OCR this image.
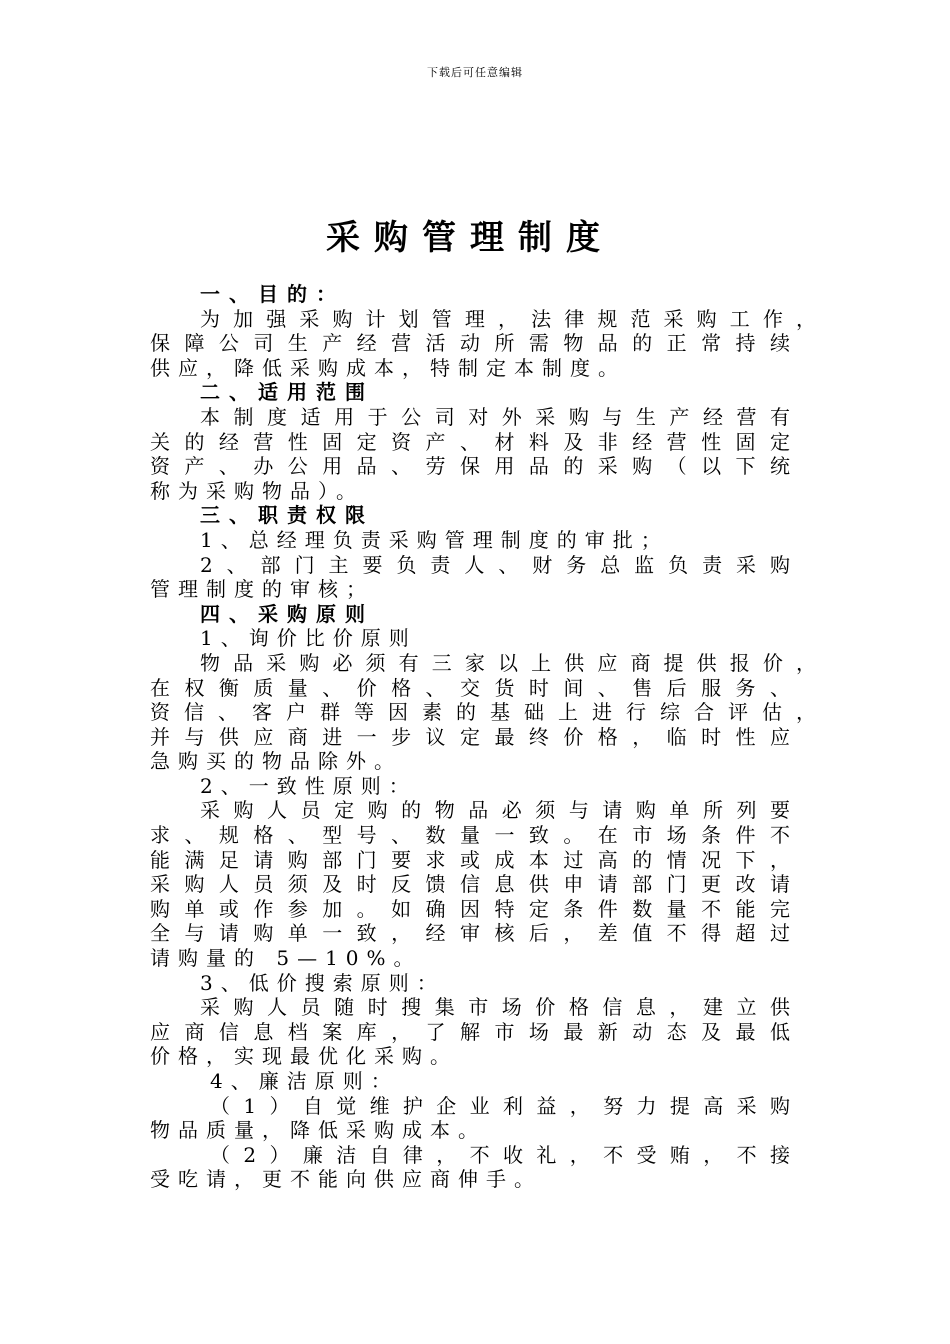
下载后可任意编辑
采购管理制度
一、目的：
为加强采购计划管理，法律规范采购工作，
保障公司生产经营活动所需物品的正常持续
供应，降低采购成本，特制定本制度。
二、适用范围
本制度适用于公司对外采购与生产经营有
关的经营性固定资产、材料及非经营性固定
资产、办公用品、劳保用品的采购（以下统
称为采购物品）。
三、职责权限
1、总经理负责采购管理制度的审批；
2、部门主要负责人、财务总监负责采购
管理制度的审核；
四、采购原则
1、询价比价原则
物品采购必须有三家以上供应商提供报价，
在权衡质量、价格、交货时间、售后服务、
资信、客户群等因素的基础上进行综合评估，
并与供应商进一步议定最终价格，临时性应
急购买的物品除外。
2、一致性原则：
采购人员定购的物品必须与请购单所列要
求、规格、型号、数量一致。在市场条件不
能满足请购部门要求或成本过高的情况下，
采购人员须及时反馈信息供申请部门更改请
购单或作参加。如确因特定条件数量不能完
全与请购单一致，经审核后，差值不得超过
请购量的 5—10%。
3、低价搜索原则：
采购人员随时搜集市场价格信息，建立供
应商信息档案库，了解市场最新动态及最低
价格，实现最优化采购。
4、廉洁原则：
（1）自觉维护企业利益，努力提高采购
物品质量，降低采购成本。
（2）廉洁自律，不收礼，不受贿，不接
受吃请，更不能向供应商伸手。
